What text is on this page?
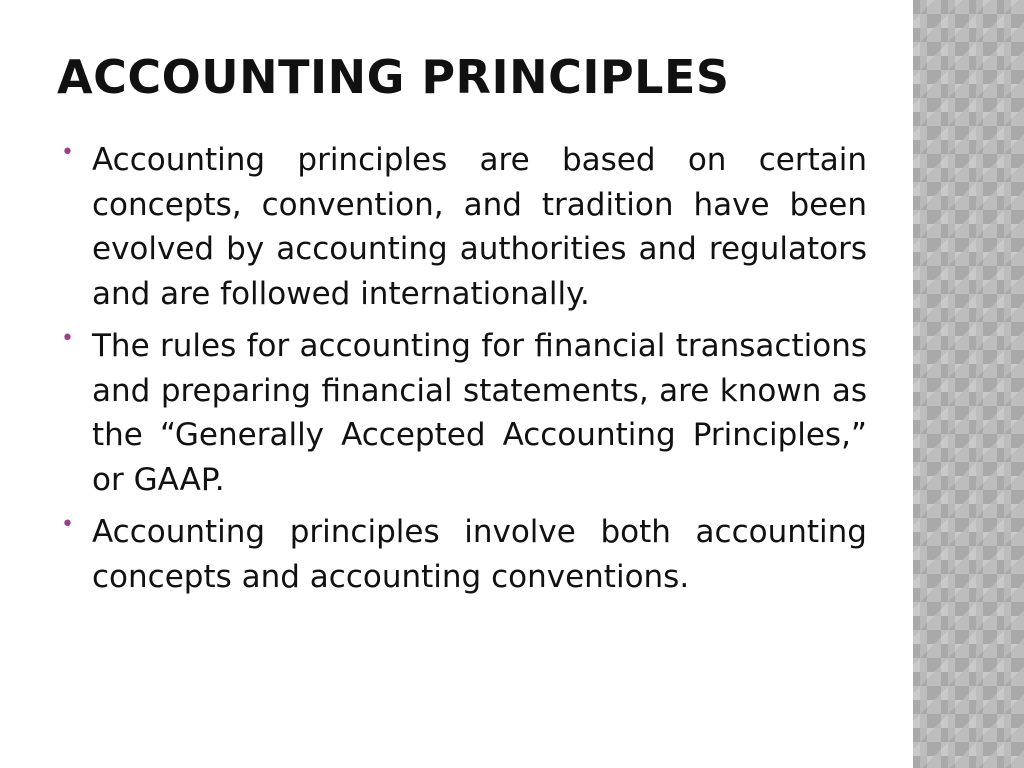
ACCOUNTING PRINCIPLES
• Accounting principles are based on certain concepts, convention, and tradition have been evolved by accounting authorities and regulators and are followed internationally.
• The rules for accounting for financial transactions and preparing financial statements, are known as the “Generally Accepted Accounting Principles,” or GAAP.
• Accounting principles involve both accounting concepts and accounting conventions.
